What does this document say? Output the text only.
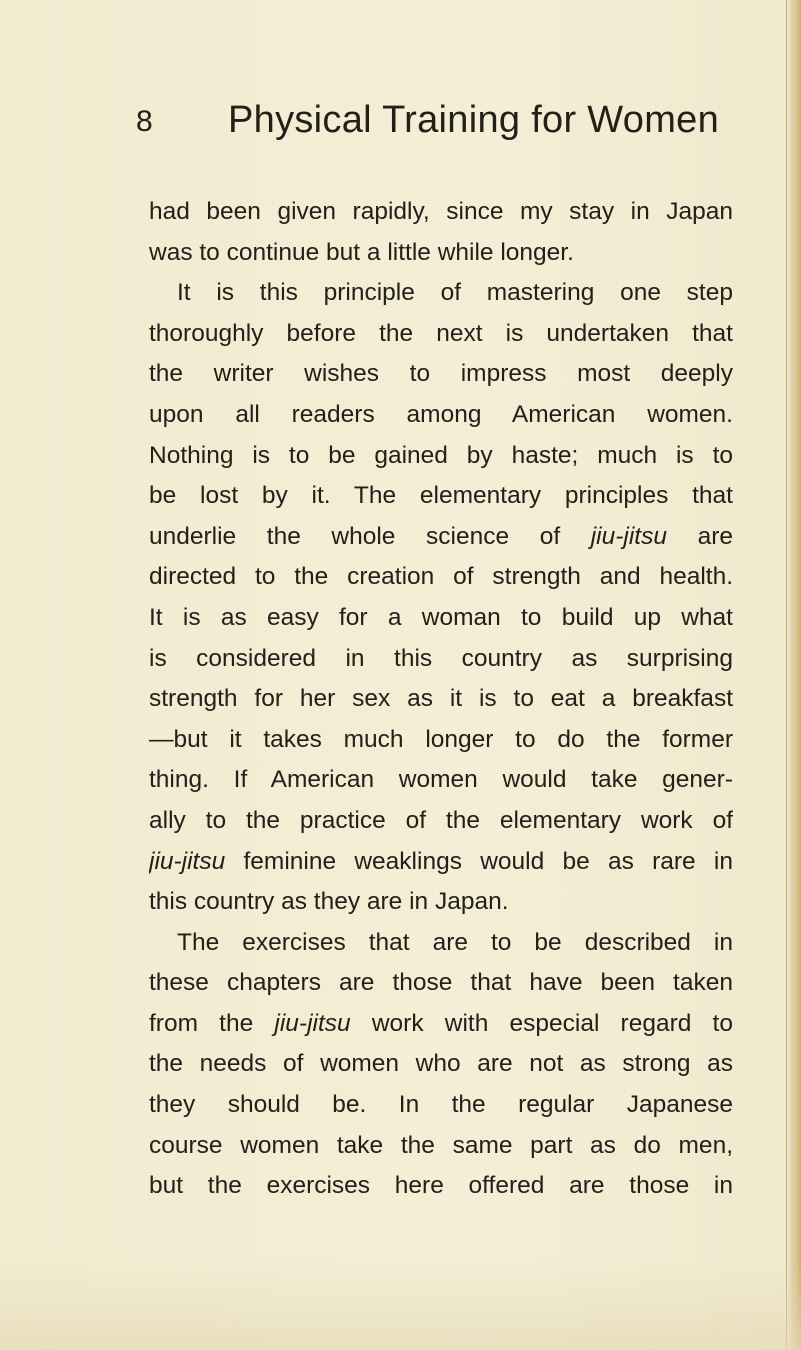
8 Physical Training for Women
had been given rapidly, since my stay in Japan
was to continue but a little while longer.
It is this principle of mastering one step
thoroughly before the next is undertaken that
the writer wishes to impress most deeply
upon all readers among American women.
Nothing is to be gained by haste; much is to
be lost by it. The elementary principles that
underlie the whole science of jiu-jitsu are
directed to the creation of strength and health.
It is as easy for a woman to build up what
is considered in this country as surprising
strength for her sex as it is to eat a breakfast
—but it takes much longer to do the former
thing. If American women would take gener-
ally to the practice of the elementary work of
jiu-jitsu feminine weaklings would be as rare in
this country as they are in Japan.
The exercises that are to be described in
these chapters are those that have been taken
from the jiu-jitsu work with especial regard to
the needs of women who are not as strong as
they should be. In the regular Japanese
course women take the same part as do men,
but the exercises here offered are those in
